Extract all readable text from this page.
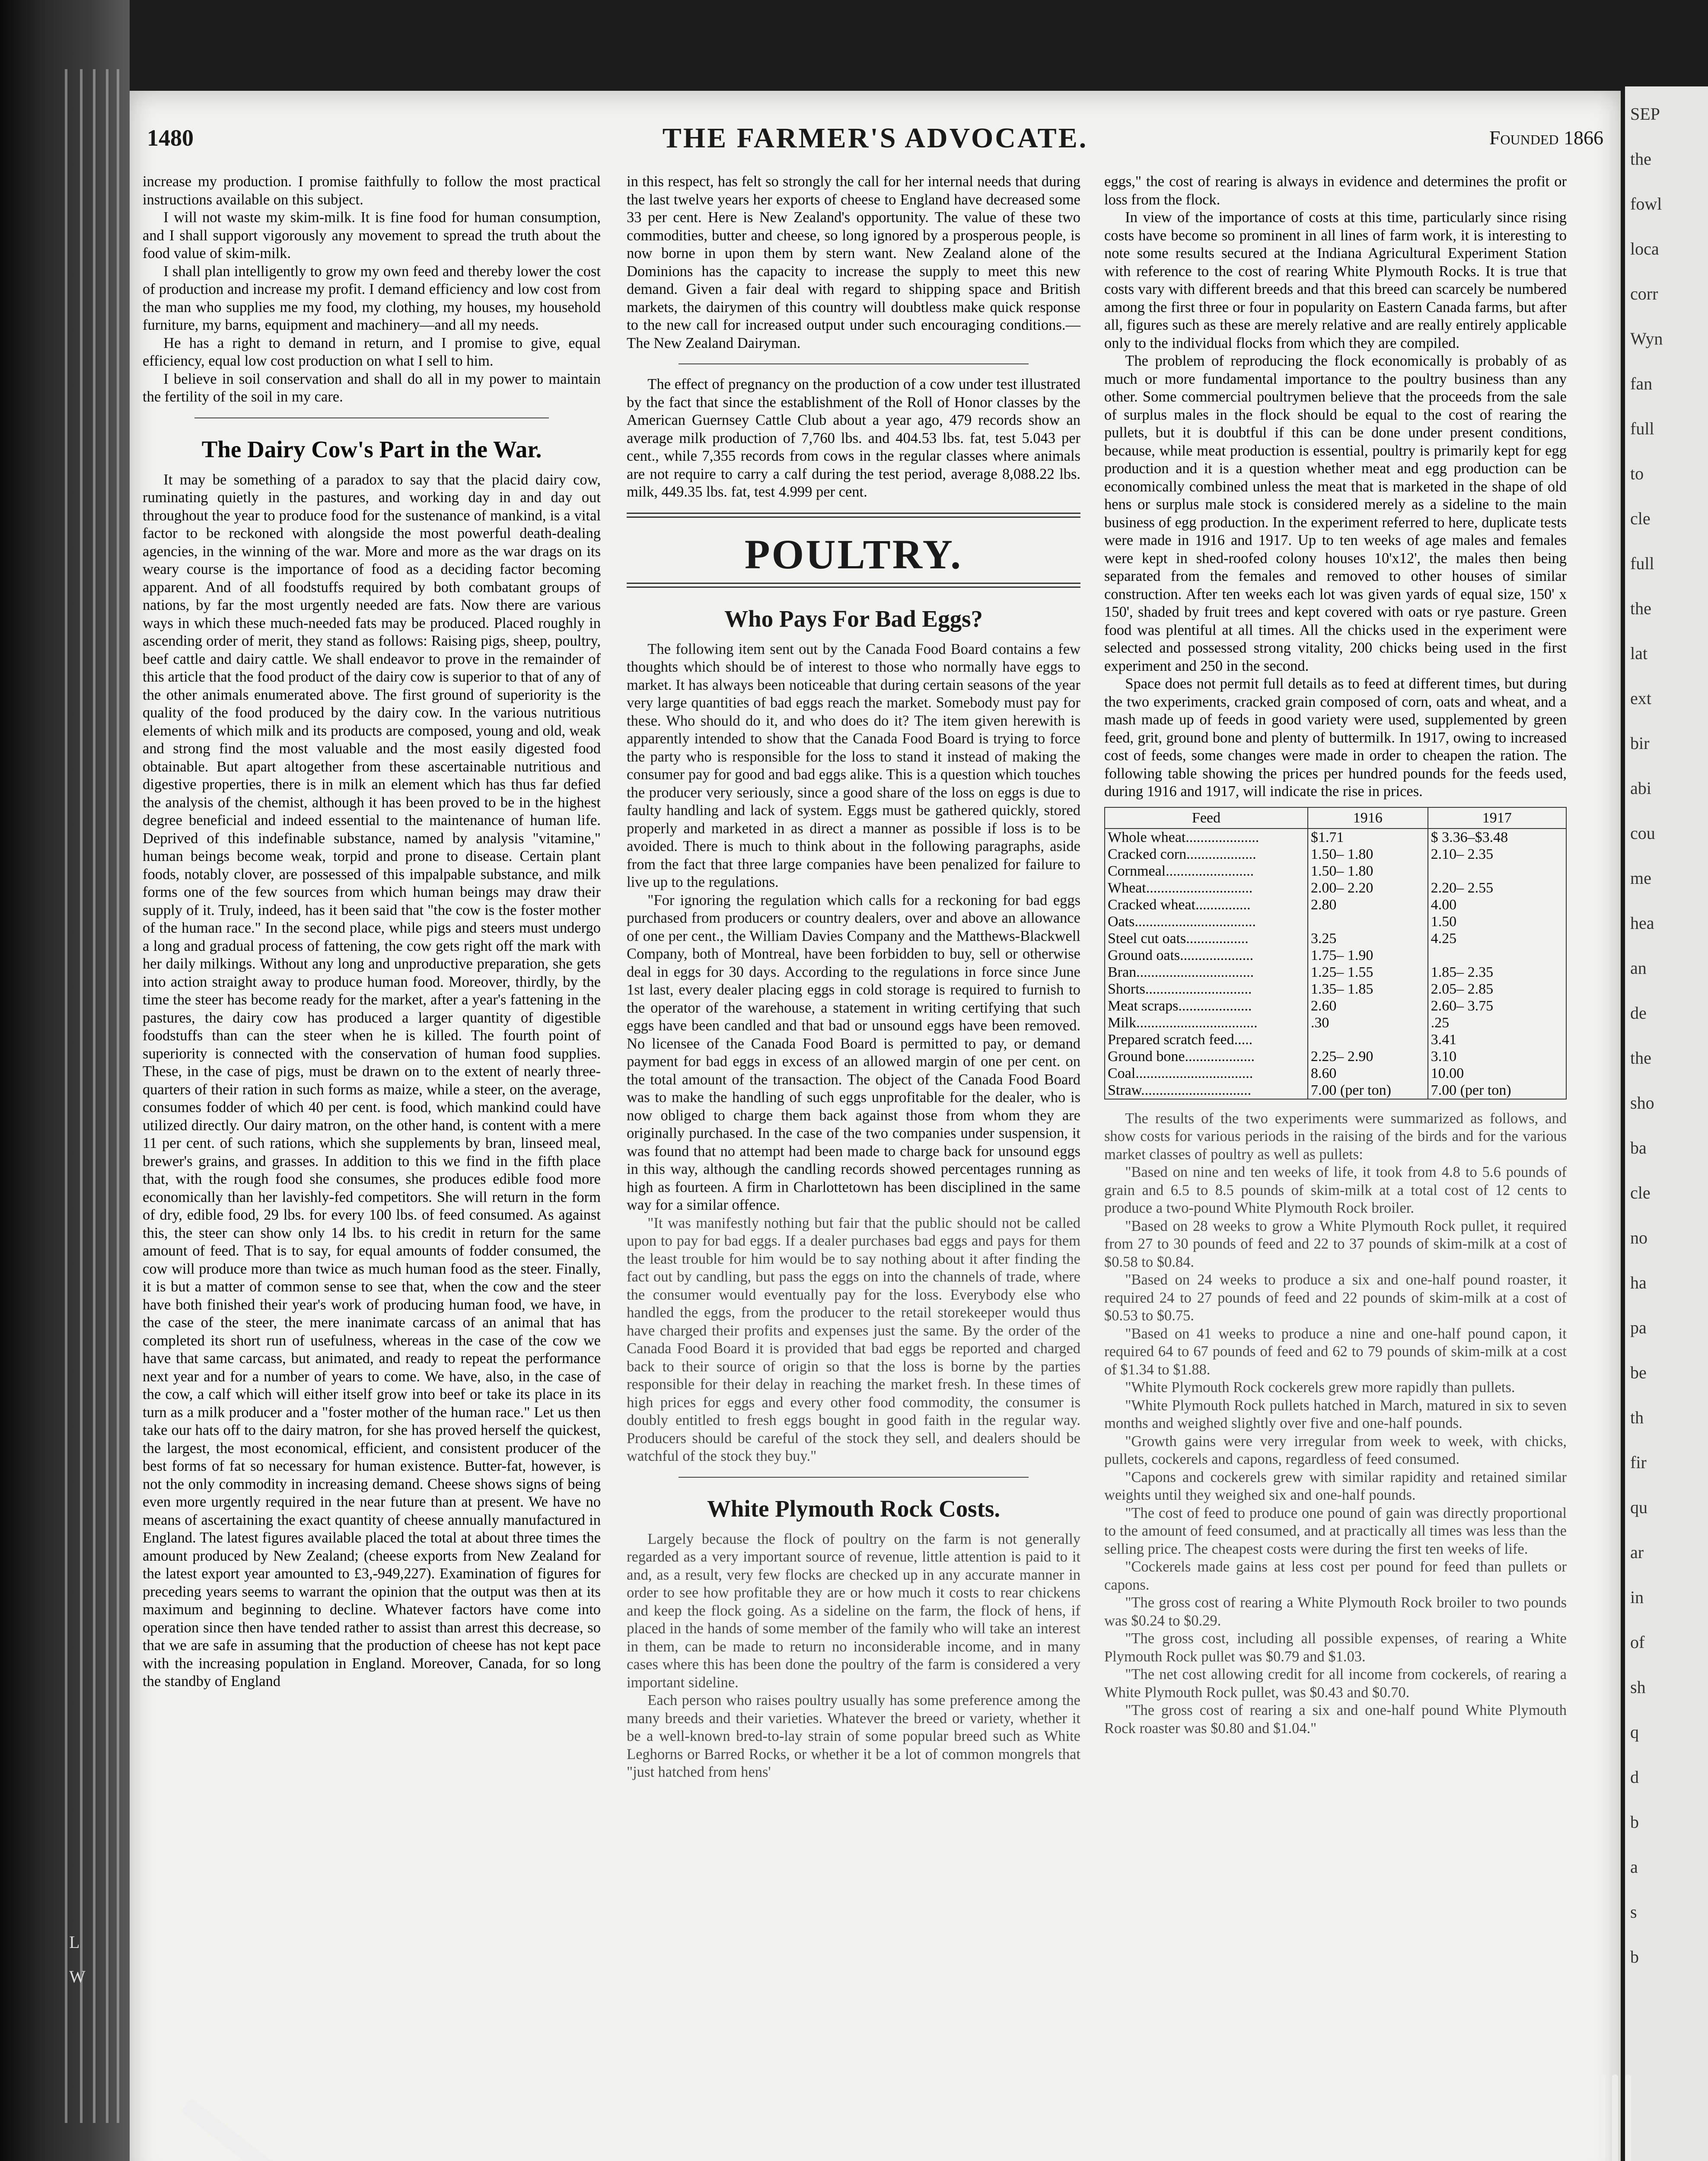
L
W
THE FARMER'S ADVOCATE.
1480	Founded 1866

increase my production. I promise faithfully to follow the most practical instructions available on this subject.

I will not waste my skim-milk. It is fine food for human consumption, and I shall support vigorously any movement to spread the truth about the food value of skim-milk.

I shall plan intelligently to grow my own feed and thereby lower the cost of production and increase my profit. I demand efficiency and low cost from the man who supplies me my food, my clothing, my houses, my household furniture, my barns, equipment and machinery—and all my needs.

He has a right to demand in return, and I promise to give, equal efficiency, equal low cost production on what I sell to him.

I believe in soil conservation and shall do all in my power to maintain the fertility of the soil in my care.

The Dairy Cow's Part in the War.

It may be something of a paradox to say that the placid dairy cow, ruminating quietly in the pastures, and working day in and day out throughout the year to produce food for the sustenance of mankind, is a vital factor to be reckoned with alongside the most powerful death-dealing agencies, in the winning of the war. More and more as the war drags on its weary course is the importance of food as a deciding factor becoming apparent. And of all foodstuffs required by both combatant groups of nations, by far the most urgently needed are fats. Now there are various ways in which these much-needed fats may be produced. Placed roughly in ascending order of merit, they stand as follows: Raising pigs, sheep, poultry, beef cattle and dairy cattle. We shall endeavor to prove in the remainder of this article that the food product of the dairy cow is superior to that of any of the other animals enumerated above. The first ground of superiority is the quality of the food produced by the dairy cow. In the various nutritious elements of which milk and its products are composed, young and old, weak and strong find the most valuable and the most easily digested food obtainable. But apart altogether from these ascertainable nutritious and digestive properties, there is in milk an element which has thus far defied the analysis of the chemist, although it has been proved to be in the highest degree beneficial and indeed essential to the maintenance of human life. Deprived of this indefinable substance, named by analysis "vitamine," human beings become weak, torpid and prone to disease. Certain plant foods, notably clover, are possessed of this impalpable substance, and milk forms one of the few sources from which human beings may draw their supply of it. Truly, indeed, has it been said that "the cow is the foster mother of the human race." In the second place, while pigs and steers must undergo a long and gradual process of fattening, the cow gets right off the mark with her daily milkings. Without any long and unproductive preparation, she gets into action straight away to produce human food. Moreover, thirdly, by the time the steer has become ready for the market, after a year's fattening in the pastures, the dairy cow has produced a larger quantity of digestible foodstuffs than can the steer when he is killed. The fourth point of superiority is connected with the conservation of human food supplies. These, in the case of pigs, must be drawn on to the extent of nearly three-quarters of their ration in such forms as maize, while a steer, on the average, consumes fodder of which 40 per cent. is food, which mankind could have utilized directly. Our dairy matron, on the other hand, is content with a mere 11 per cent. of such rations, which she supplements by bran, linseed meal, brewer's grains, and grasses. In addition to this we find in the fifth place that, with the rough food she consumes, she produces edible food more economically than her lavishly-fed competitors. She will return in the form of dry, edible food, 29 lbs. for every 100 lbs. of feed consumed. As against this, the steer can show only 14 lbs. to his credit in return for the same amount of feed. That is to say, for equal amounts of fodder consumed, the cow will produce more than twice as much human food as the steer. Finally, it is but a matter of common sense to see that, when the cow and the steer have both finished their year's work of producing human food, we have, in the case of the steer, the mere inanimate carcass of an animal that has completed its short run of usefulness, whereas in the case of the cow we have that same carcass, but animated, and ready to repeat the performance next year and for a number of years to come. We have, also, in the case of the cow, a calf which will either itself grow into beef or take its place in its turn as a milk producer and a "foster mother of the human race." Let us then take our hats off to the dairy matron, for she has proved herself the quickest, the largest, the most economical, efficient, and consistent producer of the best forms of fat so necessary for human existence. Butter-fat, however, is not the only commodity in increasing demand. Cheese shows signs of being even more urgently required in the near future than at present. We have no means of ascertaining the exact quantity of cheese annually manufactured in England. The latest figures available placed the total at about three times the amount produced by New Zealand; (cheese exports from New Zealand for the latest export year amounted to £3,-949,227). Examination of figures for preceding years seems to warrant the opinion that the output was then at its maximum and beginning to decline. Whatever factors have come into operation since then have tended rather to assist than arrest this decrease, so that we are safe in assuming that the production of cheese has not kept pace with the increasing population in England. Moreover, Canada, for so long the standby of England

in this respect, has felt so strongly the call for her internal needs that during the last twelve years her exports of cheese to England have decreased some 33 per cent. Here is New Zealand's opportunity. The value of these two commodities, butter and cheese, so long ignored by a prosperous people, is now borne in upon them by stern want. New Zealand alone of the Dominions has the capacity to increase the supply to meet this new demand. Given a fair deal with regard to shipping space and British markets, the dairymen of this country will doubtless make quick response to the new call for increased output under such encouraging conditions.—The New Zealand Dairyman.

The effect of pregnancy on the production of a cow under test illustrated by the fact that since the establishment of the Roll of Honor classes by the American Guernsey Cattle Club about a year ago, 479 records show an average milk production of 7,760 lbs. and 404.53 lbs. fat, test 5.043 per cent., while 7,355 records from cows in the regular classes where animals are not require to carry a calf during the test period, average 8,088.22 lbs. milk, 449.35 lbs. fat, test 4.999 per cent.

POULTRY.
Who Pays For Bad Eggs?

The following item sent out by the Canada Food Board contains a few thoughts which should be of interest to those who normally have eggs to market. It has always been noticeable that during certain seasons of the year very large quantities of bad eggs reach the market. Somebody must pay for these. Who should do it, and who does do it? The item given herewith is apparently intended to show that the Canada Food Board is trying to force the party who is responsible for the loss to stand it instead of making the consumer pay for good and bad eggs alike. This is a question which touches the producer very seriously, since a good share of the loss on eggs is due to faulty handling and lack of system. Eggs must be gathered quickly, stored properly and marketed in as direct a manner as possible if loss is to be avoided. There is much to think about in the following paragraphs, aside from the fact that three large companies have been penalized for failure to live up to the regulations.

"For ignoring the regulation which calls for a reckoning for bad eggs purchased from producers or country dealers, over and above an allowance of one per cent., the William Davies Company and the Matthews-Blackwell Company, both of Montreal, have been forbidden to buy, sell or otherwise deal in eggs for 30 days. According to the regulations in force since June 1st last, every dealer placing eggs in cold storage is required to furnish to the operator of the warehouse, a statement in writing certifying that such eggs have been candled and that bad or unsound eggs have been removed. No licensee of the Canada Food Board is permitted to pay, or demand payment for bad eggs in excess of an allowed margin of one per cent. on the total amount of the transaction. The object of the Canada Food Board was to make the handling of such eggs unprofitable for the dealer, who is now obliged to charge them back against those from whom they are originally purchased. In the case of the two companies under suspension, it was found that no attempt had been made to charge back for unsound eggs in this way, although the candling records showed percentages running as high as fourteen. A firm in Charlottetown has been disciplined in the same way for a similar offence.

"It was manifestly nothing but fair that the public should not be called upon to pay for bad eggs. If a dealer purchases bad eggs and pays for them the least trouble for him would be to say nothing about it after finding the fact out by candling, but pass the eggs on into the channels of trade, where the consumer would eventually pay for the loss. Everybody else who handled the eggs, from the producer to the retail storekeeper would thus have charged their profits and expenses just the same. By the order of the Canada Food Board it is provided that bad eggs be reported and charged back to their source of origin so that the loss is borne by the parties responsible for their delay in reaching the market fresh. In these times of high prices for eggs and every other food commodity, the consumer is doubly entitled to fresh eggs bought in good faith in the regular way. Producers should be careful of the stock they sell, and dealers should be watchful of the stock they buy."

White Plymouth Rock Costs.

Largely because the flock of poultry on the farm is not generally regarded as a very important source of revenue, little attention is paid to it and, as a result, very few flocks are checked up in any accurate manner in order to see how profitable they are or how much it costs to rear chickens and keep the flock going. As a sideline on the farm, the flock of hens, if placed in the hands of some member of the family who will take an interest in them, can be made to return no inconsiderable income, and in many cases where this has been done the poultry of the farm is considered a very important sideline.

Each person who raises poultry usually has some preference among the many breeds and their varieties. Whatever the breed or variety, whether it be a well-known bred-to-lay strain of some popular breed such as White Leghorns or Barred Rocks, or whether it be a lot of common mongrels that "just hatched from hens'

eggs," the cost of rearing is always in evidence and determines the profit or loss from the flock.

In view of the importance of costs at this time, particularly since rising costs have become so prominent in all lines of farm work, it is interesting to note some results secured at the Indiana Agricultural Experiment Station with reference to the cost of rearing White Plymouth Rocks. It is true that costs vary with different breeds and that this breed can scarcely be numbered among the first three or four in popularity on Eastern Canada farms, but after all, figures such as these are merely relative and are really entirely applicable only to the individual flocks from which they are compiled.

The problem of reproducing the flock economically is probably of as much or more fundamental importance to the poultry business than any other. Some commercial poultrymen believe that the proceeds from the sale of surplus males in the flock should be equal to the cost of rearing the pullets, but it is doubtful if this can be done under present conditions, because, while meat production is essential, poultry is primarily kept for egg production and it is a question whether meat and egg production can be economically combined unless the meat that is marketed in the shape of old hens or surplus male stock is considered merely as a sideline to the main business of egg production. In the experiment referred to here, duplicate tests were made in 1916 and 1917. Up to ten weeks of age males and females were kept in shed-roofed colony houses 10'x12', the males then being separated from the females and removed to other houses of similar construction. After ten weeks each lot was given yards of equal size, 150' x 150', shaded by fruit trees and kept covered with oats or rye pasture. Green food was plentiful at all times. All the chicks used in the experiment were selected and possessed strong vitality, 200 chicks being used in the first experiment and 250 in the second.

Space does not permit full details as to feed at different times, but during the two experiments, cracked grain composed of corn, oats and wheat, and a mash made up of feeds in good variety were used, supplemented by green feed, grit, ground bone and plenty of buttermilk. In 1917, owing to increased cost of feeds, some changes were made in order to cheapen the ration. The following table showing the prices per hundred pounds for the feeds used, during 1916 and 1917, will indicate the rise in prices.

Feed	1916	1917
Whole wheat....................	$1.71	$ 3.36–$3.48
Cracked corn...................	1.50– 1.80	2.10– 2.35
Cornmeal........................	1.50– 1.80	
Wheat.............................	2.00– 2.20	2.20– 2.55
Cracked wheat...............	2.80	4.00
Oats.................................		1.50
Steel cut oats.................	3.25	4.25
Ground oats....................	1.75– 1.90	
Bran................................	1.25– 1.55	1.85– 2.35
Shorts.............................	1.35– 1.85	2.05– 2.85
Meat scraps....................	2.60	2.60– 3.75
Milk.................................	.30	.25
Prepared scratch feed.....		3.41
Ground bone...................	2.25– 2.90	3.10
Coal................................	8.60	10.00
Straw..............................	7.00 (per ton)	7.00 (per ton)

The results of the two experiments were summarized as follows, and show costs for various periods in the raising of the birds and for the various market classes of poultry as well as pullets:

"Based on nine and ten weeks of life, it took from 4.8 to 5.6 pounds of grain and 6.5 to 8.5 pounds of skim-milk at a total cost of 12 cents to produce a two-pound White Plymouth Rock broiler.

"Based on 28 weeks to grow a White Plymouth Rock pullet, it required from 27 to 30 pounds of feed and 22 to 37 pounds of skim-milk at a cost of $0.58 to $0.84.

"Based on 24 weeks to produce a six and one-half pound roaster, it required 24 to 27 pounds of feed and 22 pounds of skim-milk at a cost of $0.53 to $0.75.

"Based on 41 weeks to produce a nine and one-half pound capon, it required 64 to 67 pounds of feed and 62 to 79 pounds of skim-milk at a cost of $1.34 to $1.88.

"White Plymouth Rock cockerels grew more rapidly than pullets.

"White Plymouth Rock pullets hatched in March, matured in six to seven months and weighed slightly over five and one-half pounds.

"Growth gains were very irregular from week to week, with chicks, pullets, cockerels and capons, regardless of feed consumed.

"Capons and cockerels grew with similar rapidity and retained similar weights until they weighed six and one-half pounds.

"The cost of feed to produce one pound of gain was directly proportional to the amount of feed consumed, and at practically all times was less than the selling price. The cheapest costs were during the first ten weeks of life.

"Cockerels made gains at less cost per pound for feed than pullets or capons.

"The gross cost of rearing a White Plymouth Rock broiler to two pounds was $0.24 to $0.29.

"The gross cost, including all possible expenses, of rearing a White Plymouth Rock pullet was $0.79 and $1.03.

"The net cost allowing credit for all income from cockerels, of rearing a White Plymouth Rock pullet, was $0.43 and $0.70.

"The gross cost of rearing a six and one-half pound White Plymouth Rock roaster was $0.80 and $1.04."

SEP
the
fowl
loca
corr
Wyn
fan
full
to
cle
full
the
lat
ext
bir
abi
cou
me
hea
an
de
the
sho
ba
cle
no
ha
pa
be
th
fir
qu
ar
in
of
sh
q
d
b
a
s
b
